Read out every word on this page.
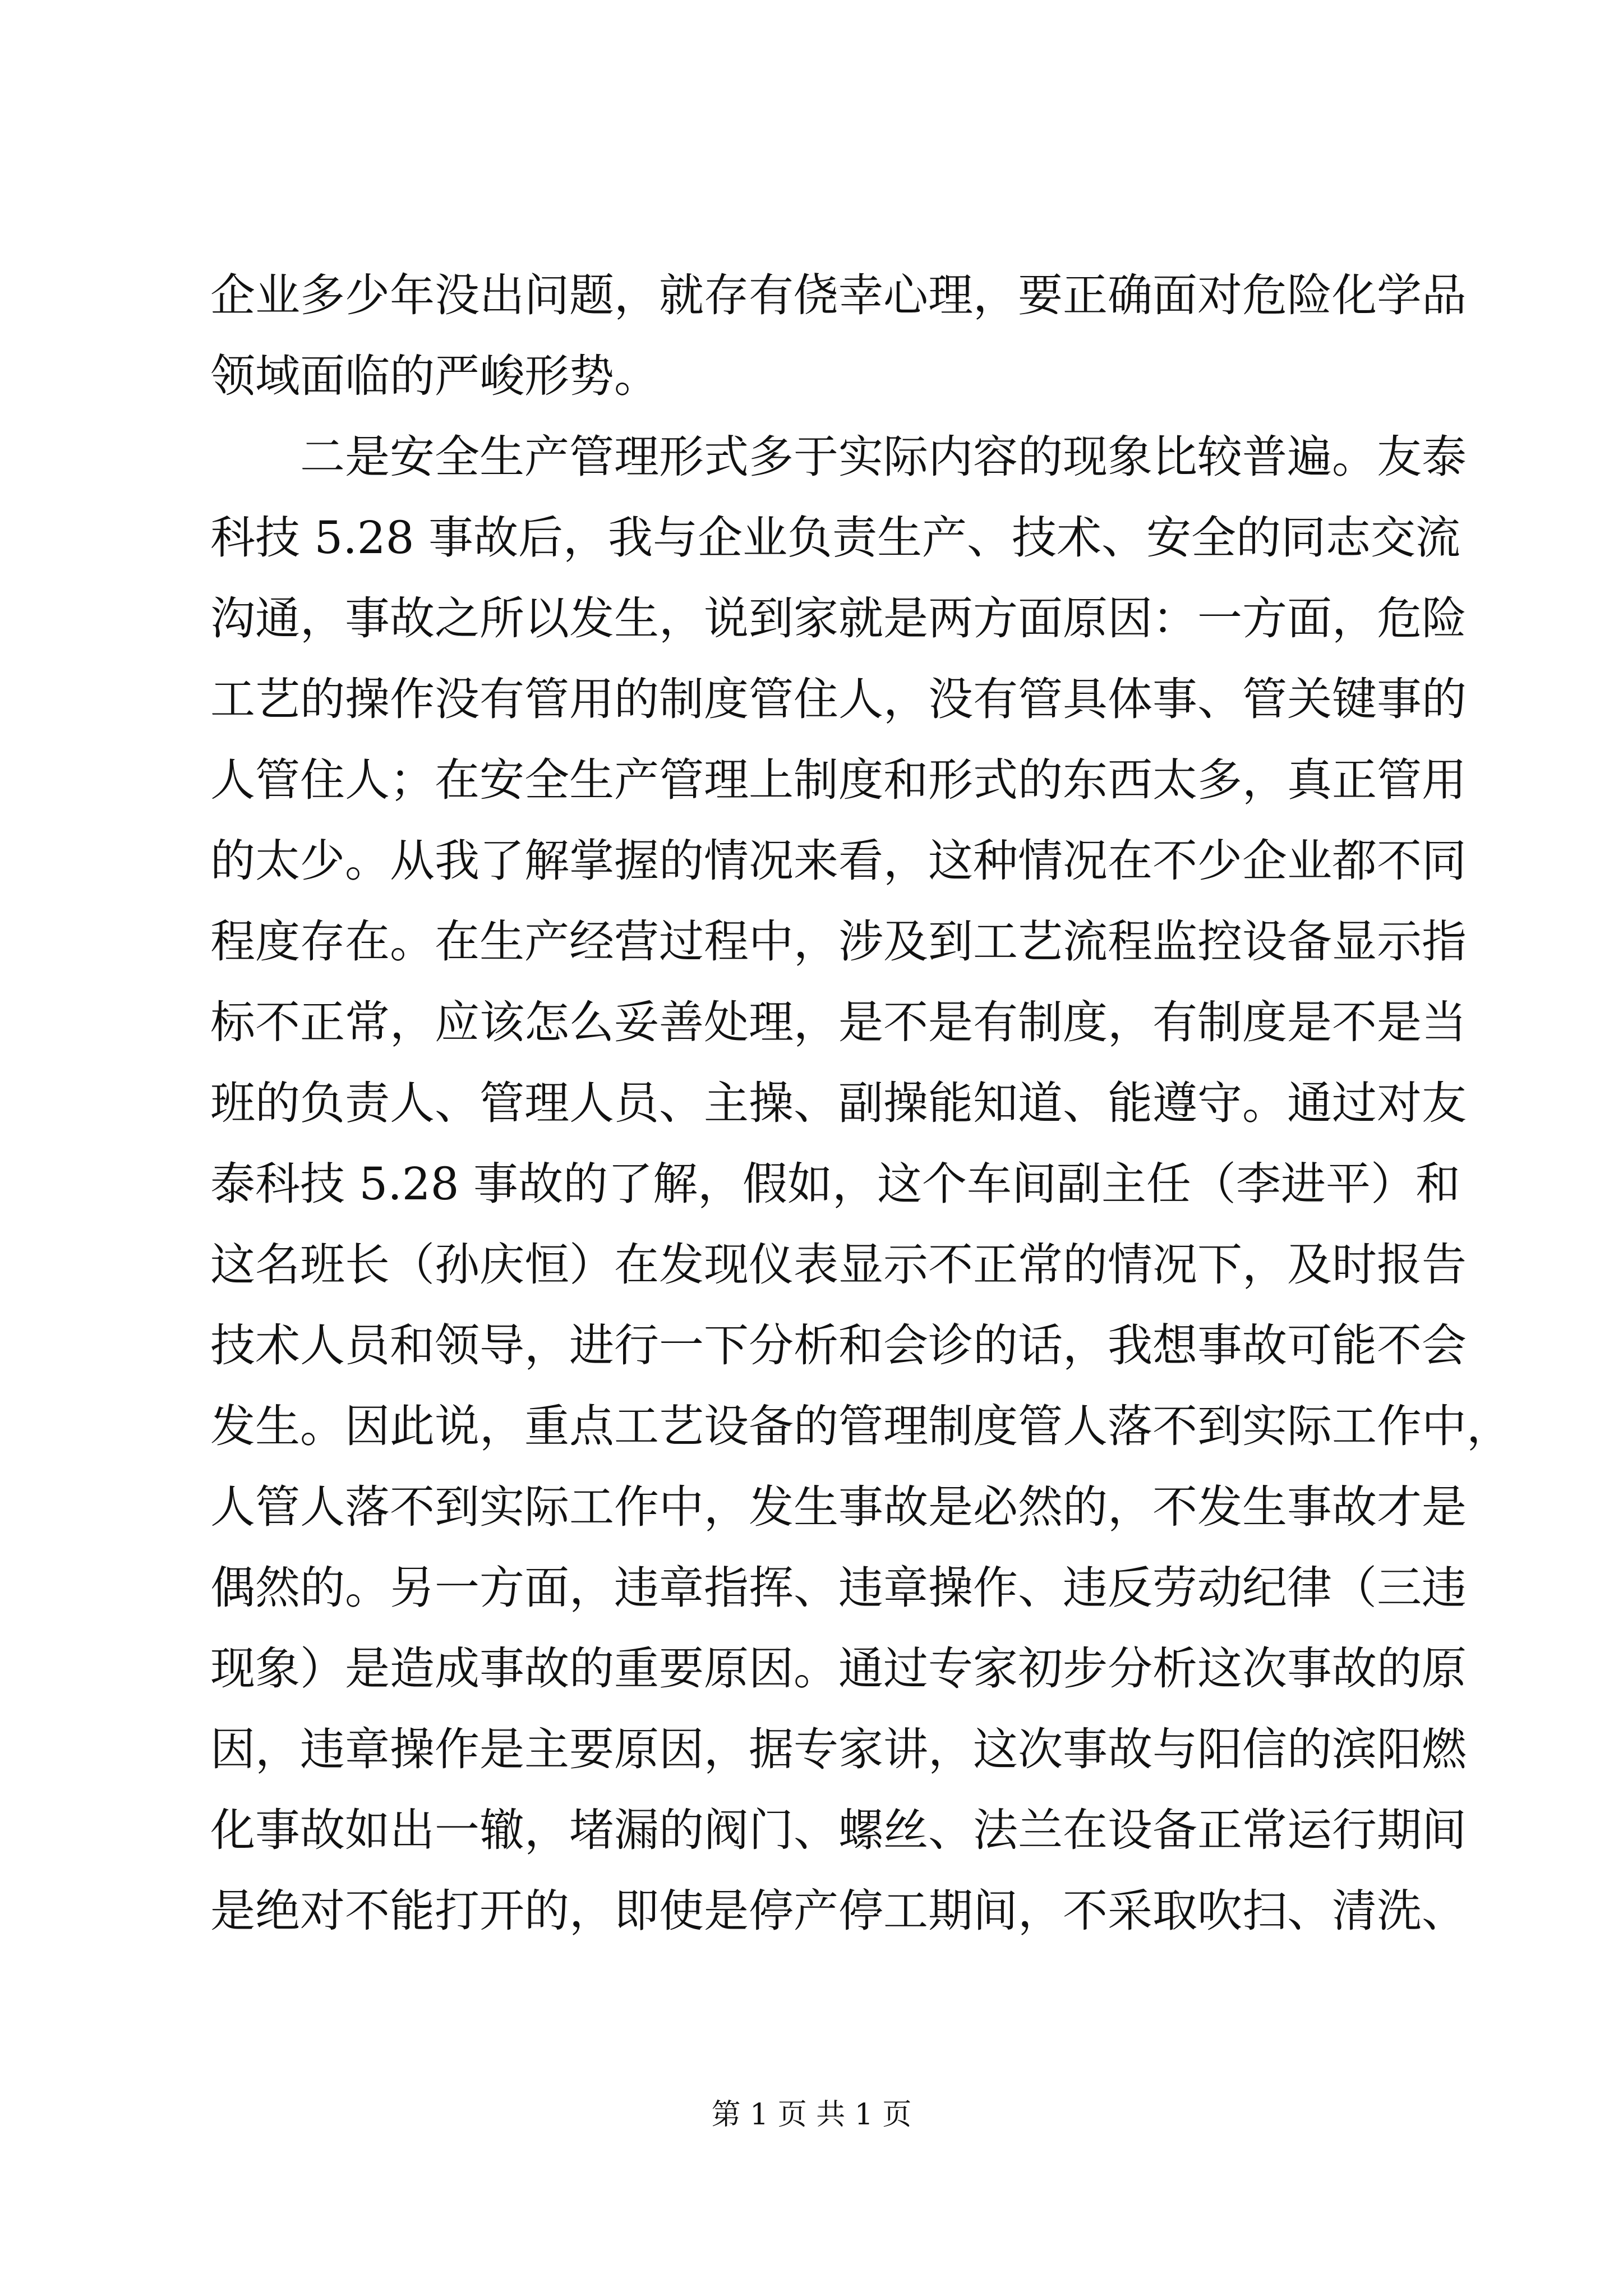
企业多少年没出问题，就存有侥幸心理，要正确面对危险化学品
领域面临的严峻形势。
二是安全生产管理形式多于实际内容的现象比较普遍。友泰
科技 5.28 事故后，我与企业负责生产、技术、安全的同志交流
沟通，事故之所以发生，说到家就是两方面原因：一方面，危险
工艺的操作没有管用的制度管住人，没有管具体事、管关键事的
人管住人；在安全生产管理上制度和形式的东西太多，真正管用
的太少。从我了解掌握的情况来看，这种情况在不少企业都不同
程度存在。在生产经营过程中，涉及到工艺流程监控设备显示指
标不正常，应该怎么妥善处理，是不是有制度，有制度是不是当
班的负责人、管理人员、主操、副操能知道、能遵守。通过对友
泰科技 5.28 事故的了解，假如，这个车间副主任（李进平）和
这名班长（孙庆恒）在发现仪表显示不正常的情况下，及时报告
技术人员和领导，进行一下分析和会诊的话，我想事故可能不会
发生。因此说，重点工艺设备的管理制度管人落不到实际工作中，
人管人落不到实际工作中，发生事故是必然的，不发生事故才是
偶然的。另一方面，违章指挥、违章操作、违反劳动纪律（三违
现象）是造成事故的重要原因。通过专家初步分析这次事故的原
因，违章操作是主要原因，据专家讲，这次事故与阳信的滨阳燃
化事故如出一辙，堵漏的阀门、螺丝、法兰在设备正常运行期间
是绝对不能打开的，即使是停产停工期间，不采取吹扫、清洗、
第 1 页 共 1 页
